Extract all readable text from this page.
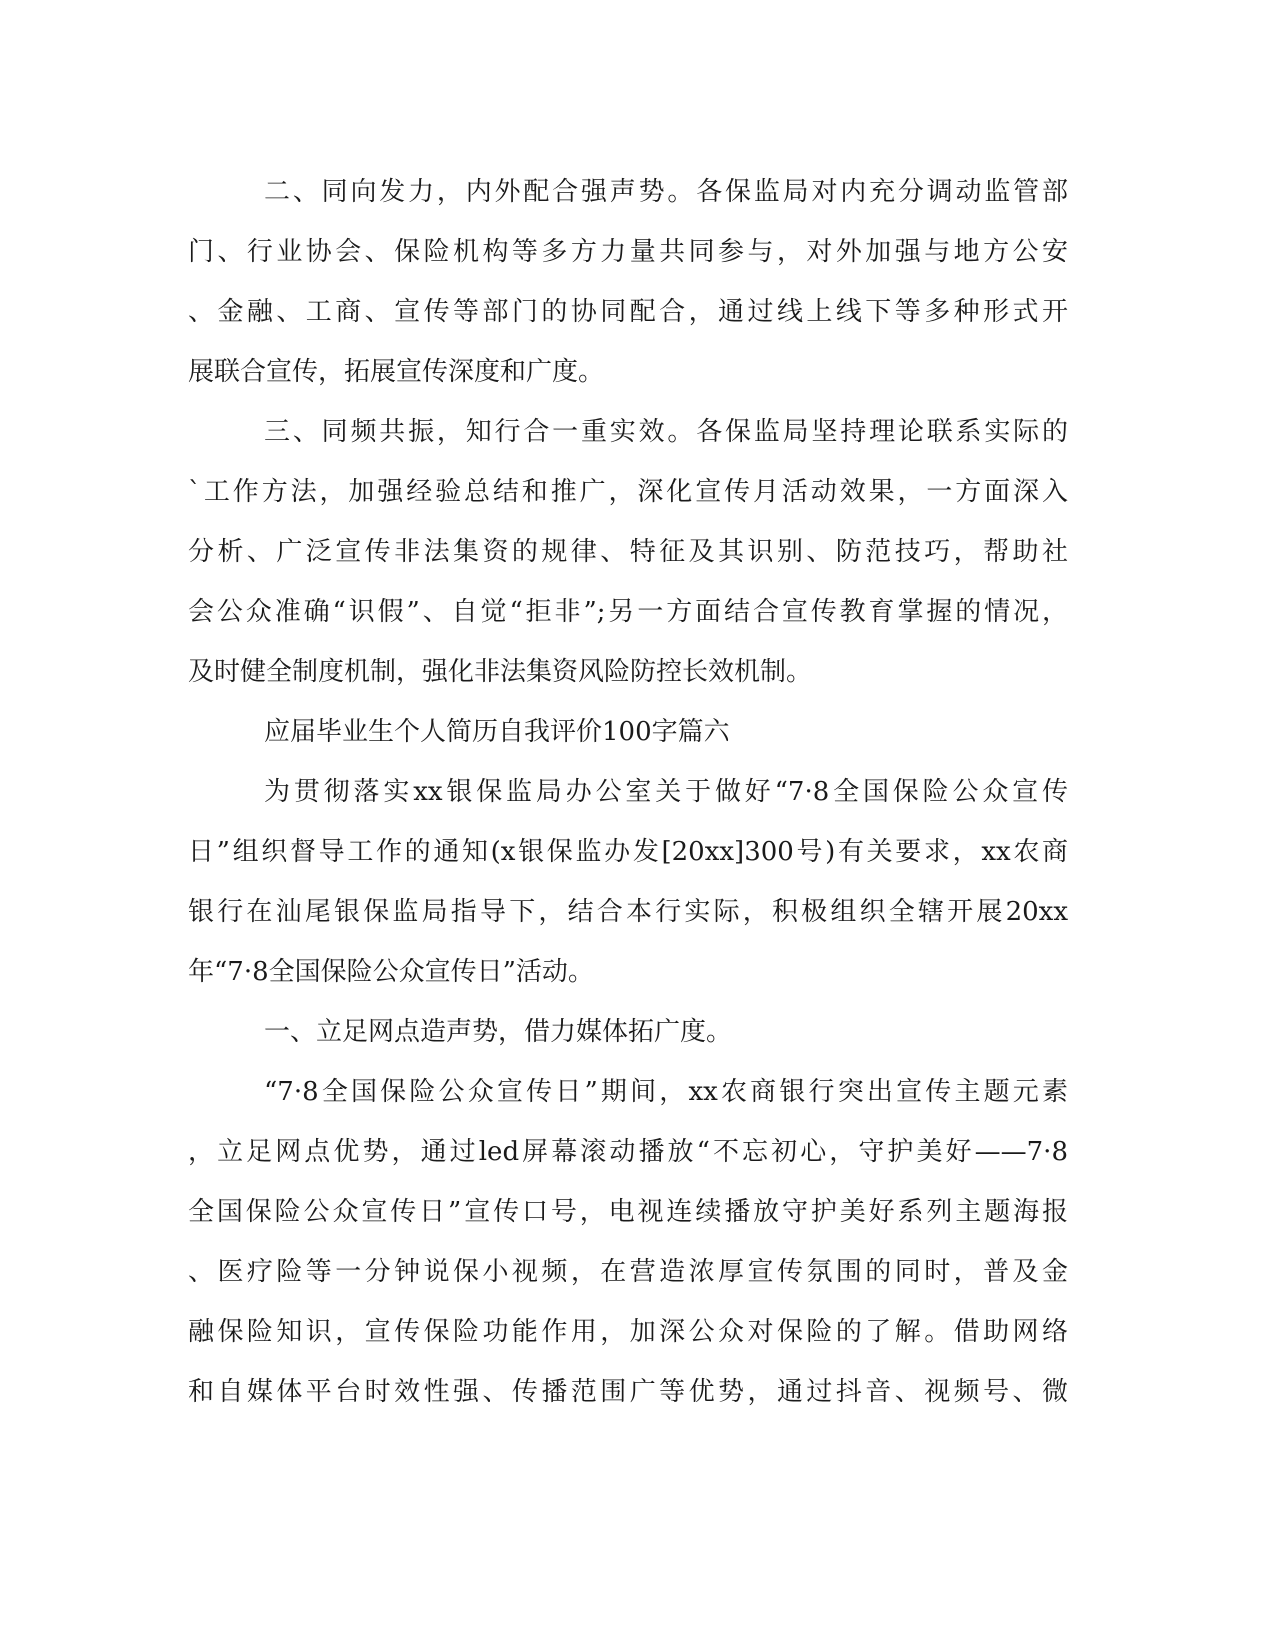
二、同向发力，内外配合强声势。各保监局对内充分调动监管部
门、行业协会、保险机构等多方力量共同参与，对外加强与地方公安
、金融、工商、宣传等部门的协同配合，通过线上线下等多种形式开
展联合宣传，拓展宣传深度和广度。
三、同频共振，知行合一重实效。各保监局坚持理论联系实际的
`工作方法，加强经验总结和推广，深化宣传月活动效果，一方面深入
分析、广泛宣传非法集资的规律、特征及其识别、防范技巧，帮助社
会公众准确“识假”、自觉“拒非”;另一方面结合宣传教育掌握的情况，
及时健全制度机制，强化非法集资风险防控长效机制。
应届毕业生个人简历自我评价100字篇六
为贯彻落实xx银保监局办公室关于做好“7·8全国保险公众宣传
日”组织督导工作的通知(x银保监办发[20xx]300号)有关要求，xx农商
银行在汕尾银保监局指导下，结合本行实际，积极组织全辖开展20xx
年“7·8全国保险公众宣传日”活动。
一、立足网点造声势，借力媒体拓广度。
“7·8全国保险公众宣传日”期间，xx农商银行突出宣传主题元素
，立足网点优势，通过led屏幕滚动播放“不忘初心，守护美好——7·8
全国保险公众宣传日”宣传口号，电视连续播放守护美好系列主题海报
、医疗险等一分钟说保小视频，在营造浓厚宣传氛围的同时，普及金
融保险知识，宣传保险功能作用，加深公众对保险的了解。借助网络
和自媒体平台时效性强、传播范围广等优势，通过抖音、视频号、微
